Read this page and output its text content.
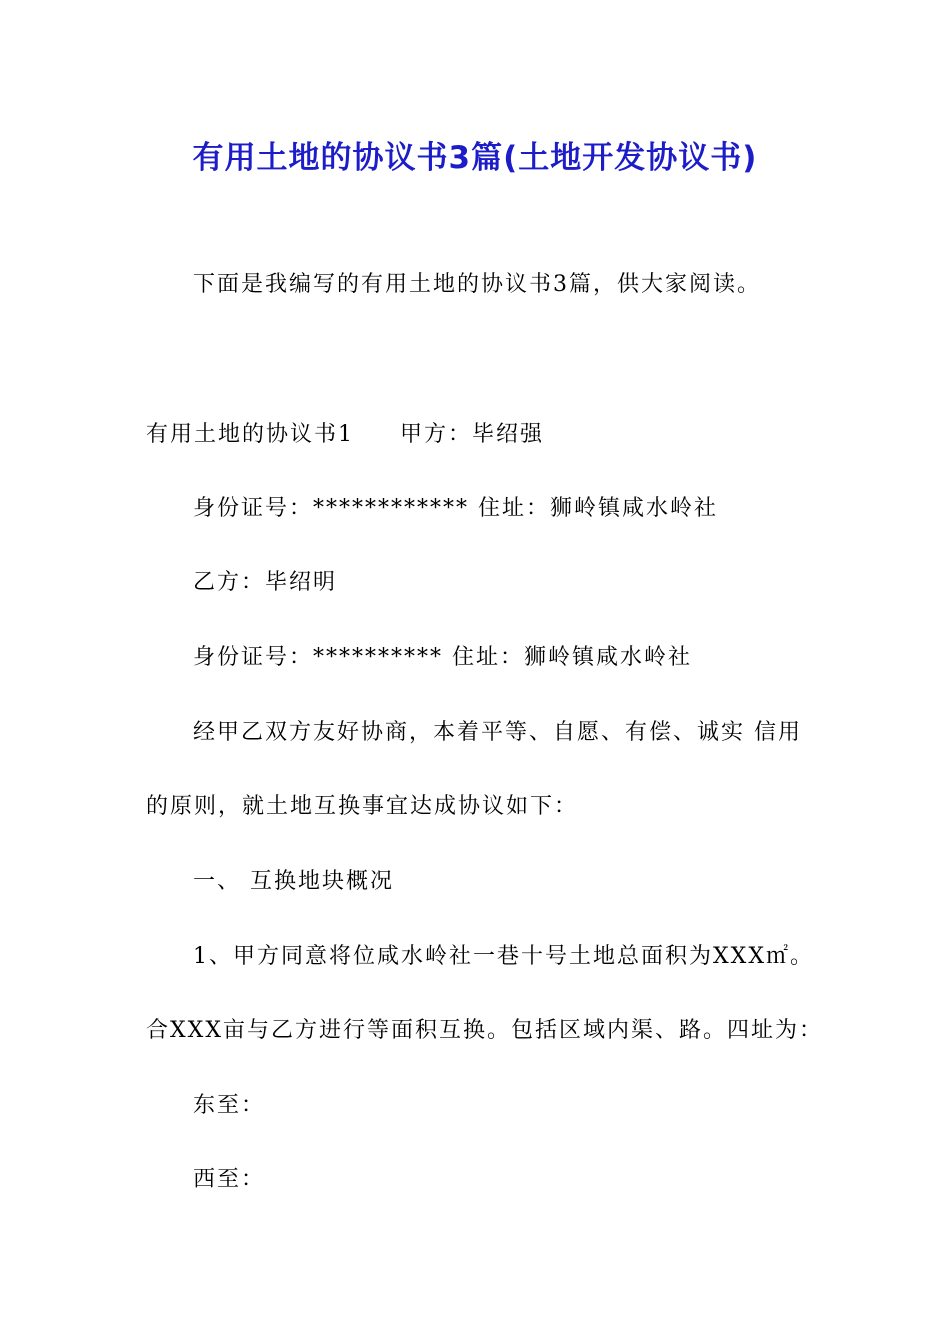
有用土地的协议书3篇(土地开发协议书)
下面是我编写的有用土地的协议书3篇，供大家阅读。
有用土地的协议书1 甲方：毕绍强
身份证号：************ 住址：狮岭镇咸水岭社
乙方：毕绍明
身份证号：********** 住址：狮岭镇咸水岭社
经甲乙双方友好协商，本着平等、自愿、有偿、诚实 信用
的原则，就土地互换事宜达成协议如下：
一、 互换地块概况
1、甲方同意将位咸水岭社一巷十号土地总面积为XXX㎡。
合XXX亩与乙方进行等面积互换。包括区域内渠、路。四址为：
东至：
西至：
